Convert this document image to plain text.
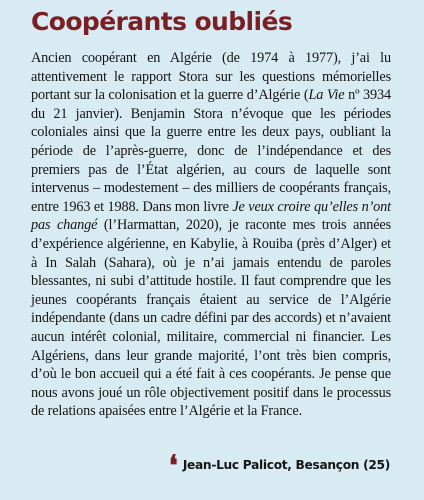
Coopérants oubliés

Ancien coopérant en Algérie (de 1974 à 1977), j’ai lu attentivement le rapport Stora sur les questions mémorielles portant sur la colonisation et la guerre d’Algérie (La Vie nº 3934 du 21 janvier). Benjamin Stora n’évoque que les périodes coloniales ainsi que la guerre entre les deux pays, oubliant la période de l’après-guerre, donc de l’indépendance et des premiers pas de l’État algérien, au cours de laquelle sont intervenus – modestement – des milliers de coopérants français, entre 1963 et 1988. Dans mon livre Je veux croire qu’elles n’ont pas changé (l’Harmattan, 2020), je raconte mes trois années d’expérience algérienne, en Kabylie, à Rouiba (près d’Alger) et à In Salah (Sahara), où je n’ai jamais entendu de paroles blessantes, ni subi d’attitude hostile. Il faut comprendre que les jeunes coopérants français étaient au service de l’Algérie indépendante (dans un cadre défini par des accords) et n’avaient aucun intérêt colonial, militaire, commercial ni financier. Les Algériens, dans leur grande majorité, l’ont très bien compris, d’où le bon accueil qui a été fait à ces coopérants. Je pense que nous avons joué un rôle objectivement positif dans le processus de relations apaisées entre l’Algérie et la France.

❛ Jean-Luc Palicot, Besançon (25)
